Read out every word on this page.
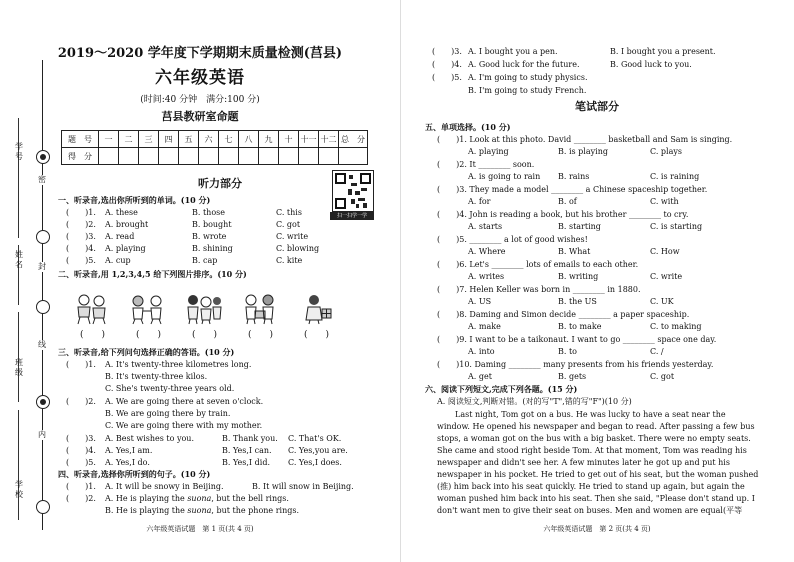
学　号
姓　名
班　级
学　校
密
封
线
内
2019～2020 学年度下学期期末质量检测(莒县)
六年级英语
(时间:40 分钟　满分:100 分)
莒县教研室命题
题　号	一	二	三	四	五	六	七	八	九	十	十一	十二	总　分
得　分													
扫一扫学一学
听力部分
一、听录音,选出你所听到的单词。(10 分)
(　　)1. A. these	B. those	C. this
(　　)2. A. brought	B. bought	C. got
(　　)3. A. read	B. wrote	C. write
(　　)4. A. playing	B. shining	C. blowing
(　　)5. A. cup	B. cap	C. kite
二、听录音,用 1,2,3,4,5 给下列图片排序。(10 分)
(　　)	(　　)	(　　)	(　　)	(　　)
三、听录音,给下列问句选择正确的答语。(10 分)
(　　)1. A. It's twenty-three kilometres long.
B. It's twenty-three kilos.
C. She's twenty-three years old.
(　　)2. A. We are going there at seven o'clock.
B. We are going there by train.
C. We are going there with my mother.
(　　)3. A. Best wishes to you.	B. Thank you. C. That's OK.
(　　)4. A. Yes,I am.	B. Yes,I can. C. Yes,you are.
(　　)5. A. Yes,I do.	B. Yes,I did. C. Yes,I does.
四、听录音,选择你所听到的句子。(10 分)
(　　)1. A. It will be snowy in Beijing.	B. It will snow in Beijing.
(　　)2. A. He is playing the suona, but the bell rings.
B. He is playing the suona, but the phone rings.
六年级英语试题　第 1 页(共 4 页)
(　　)3. A. I bought you a pen.	B. I bought you a present.
(　　)4. A. Good luck for the future.	B. Good luck to you.
(　　)5. A. I'm going to study physics.
B. I'm going to study French.
笔试部分
五、单项选择。(10 分)
(　　)1. Look at this photo. David ________ basketball and Sam is singing.
A. playing	B. is playing	C. plays
(　　)2. It ________ soon.
A. is going to rain B. rains	C. is raining
(　　)3. They made a model ________ a Chinese spaceship together.
A. for	B. of	C. with
(　　)4. John is reading a book, but his brother ________ to cry.
A. starts	B. starting	C. is starting
(　　)5. ________ a lot of good wishes!
A. Where	B. What	C. How
(　　)6. Let's ________ lots of emails to each other.
A. writes	B. writing	C. write
(　　)7. Helen Keller was born in ________ in 1880.
A. US	B. the US	C. UK
(　　)8. Daming and Simon decide ________ a paper spaceship.
A. make	B. to make	C. to making
(　　)9. I want to be a taikonaut. I want to go ________ space one day.
A. into	B. to	C. /
(　　)10. Daming ________ many presents from his friends yesterday.
A. get	B. gets	C. got
六、阅读下列短文,完成下列各题。(15 分)
A. 阅读短文,判断对错。(对的写"T",错的写"F")(10 分)
Last night, Tom got on a bus. He was lucky to have a seat near the
window. He opened his newspaper and began to read. After passing a few bus
stops, a woman got on the bus with a big basket. There were no empty seats.
She came and stood right beside Tom. At that moment, Tom was reading his
newspaper and didn't see her. A few minutes later he got up and put his
newspaper in his pocket. He tried to get out of his seat, but the woman pushed
(推) him back into his seat quickly. He tried to stand up again, but again the
woman pushed him back into his seat. Then she said, "Please don't stand up. I
don't want men to give their seat on buses. Men and women are equal(平等
六年级英语试题　第 2 页(共 4 页)
